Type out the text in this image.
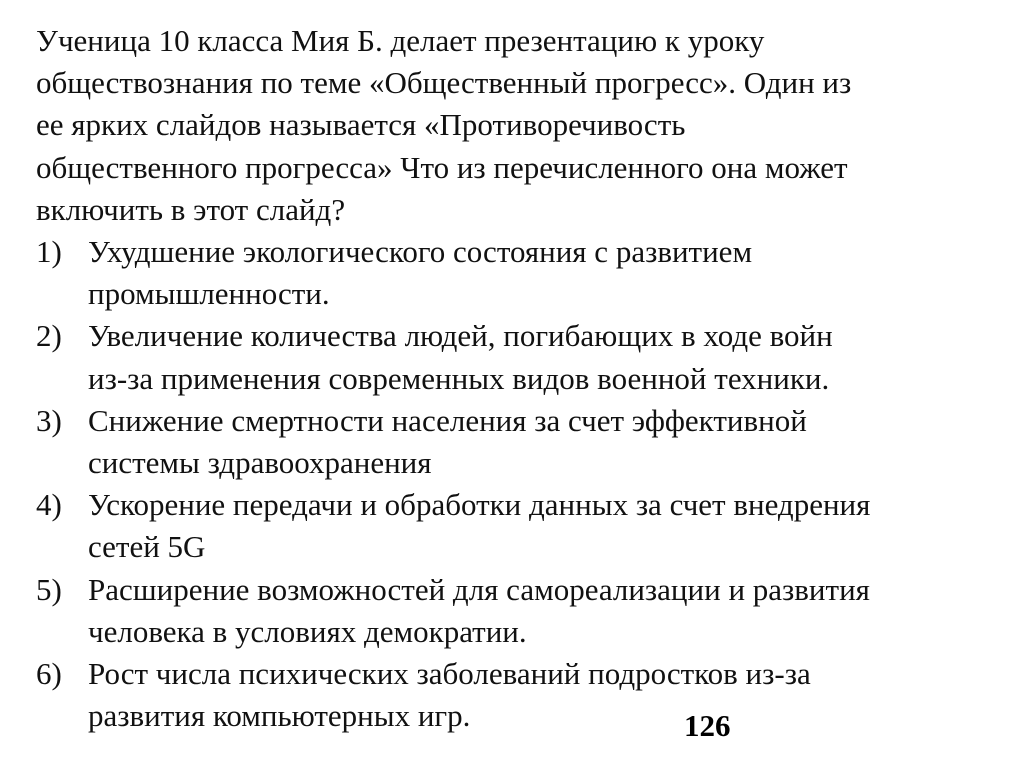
Ученица 10 класса Мия Б. делает презентацию к уроку
обществознания по теме «Общественный прогресс». Один из
ее ярких слайдов называется «Противоречивость
общественного прогресса» Что из перечисленного она может
включить в этот слайд?

1) Ухудшение экологического состояния с развитием
промышленности.
2) Увеличение количества людей, погибающих в ходе войн
из-за применения современных видов военной техники.
3) Снижение смертности населения за счет эффективной
системы здравоохранения
4) Ускорение передачи и обработки данных за счет внедрения
сетей 5G
5) Расширение возможностей для самореализации и развития
человека в условиях демократии.
6) Рост числа психических заболеваний подростков из-за
развития компьютерных игр.	126
